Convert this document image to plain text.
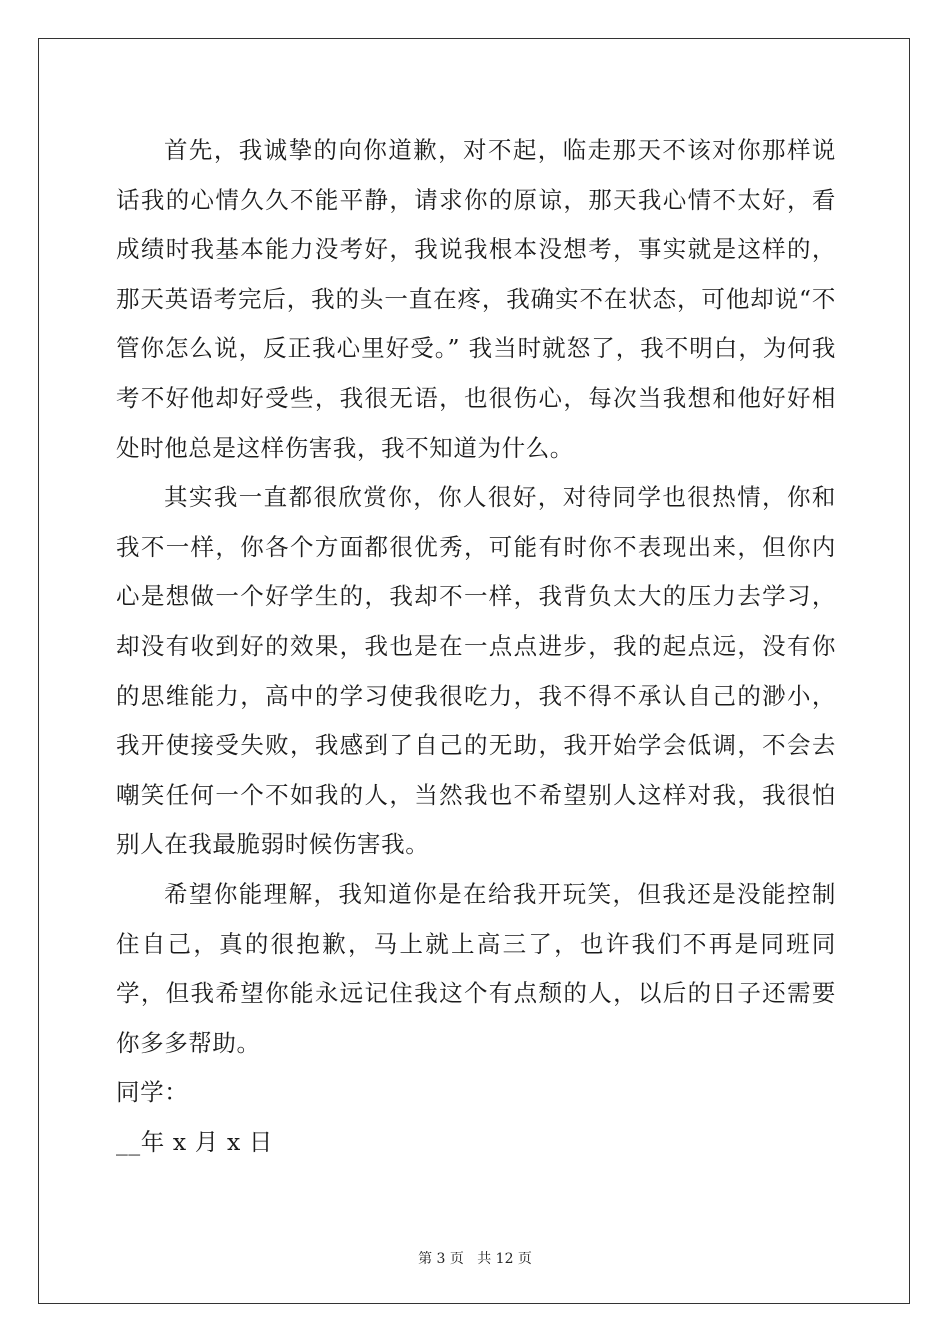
首先，我诚挚的向你道歉，对不起，临走那天不该对你那样说话我的心情久久不能平静，请求你的原谅，那天我心情不太好，看成绩时我基本能力没考好，我说我根本没想考，事实就是这样的，那天英语考完后，我的头一直在疼，我确实不在状态，可他却说“不管你怎么说，反正我心里好受。” 我当时就怒了，我不明白，为何我考不好他却好受些，我很无语，也很伤心，每次当我想和他好好相处时他总是这样伤害我，我不知道为什么。

其实我一直都很欣赏你，你人很好，对待同学也很热情，你和我不一样，你各个方面都很优秀，可能有时你不表现出来，但你内心是想做一个好学生的，我却不一样，我背负太大的压力去学习，却没有收到好的效果，我也是在一点点进步，我的起点远，没有你的思维能力，高中的学习使我很吃力，我不得不承认自己的渺小，我开使接受失败，我感到了自己的无助，我开始学会低调，不会去嘲笑任何一个不如我的人，当然我也不希望别人这样对我，我很怕别人在我最脆弱时候伤害我。

希望你能理解，我知道你是在给我开玩笑，但我还是没能控制住自己，真的很抱歉，马上就上高三了，也许我们不再是同班同学，但我希望你能永远记住我这个有点颓的人，以后的日子还需要你多多帮助。

同学：

__年 x 月 x 日

第 3 页   共 12 页
